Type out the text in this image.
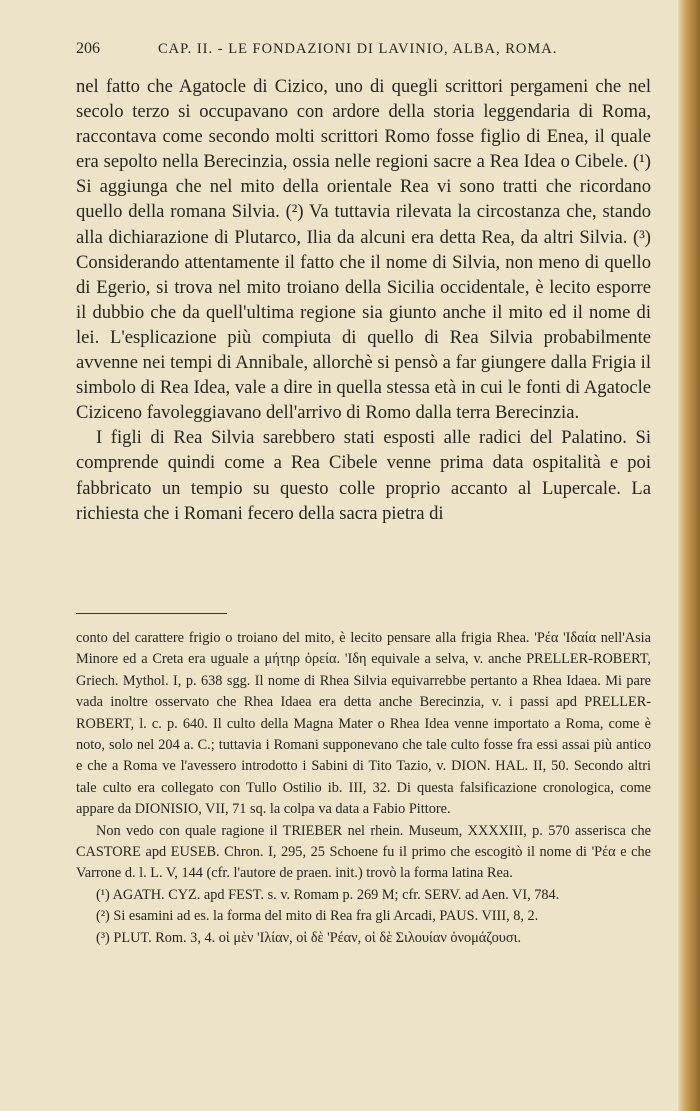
206	CAP. II. - LE FONDAZIONI DI LAVINIO, ALBA, ROMA.

nel fatto che Agatocle di Cizico, uno di quegli scrittori pergameni che nel secolo terzo si occupavano con ardore della storia leggendaria di Roma, raccontava come secondo molti scrittori Romo fosse figlio di Enea, il quale era sepolto nella Berecinzia, ossia nelle regioni sacre a Rea Idea o Cibele. (¹) Si aggiunga che nel mito della orientale Rea vi sono tratti che ricordano quello della romana Silvia. (²) Va tuttavia rilevata la circostanza che, stando alla dichiarazione di Plutarco, Ilia da alcuni era detta Rea, da altri Silvia. (³) Considerando attentamente il fatto che il nome di Silvia, non meno di quello di Egerio, si trova nel mito troiano della Sicilia occidentale, è lecito esporre il dubbio che da quell'ultima regione sia giunto anche il mito ed il nome di lei. L'esplicazione più compiuta di quello di Rea Silvia probabilmente avvenne nei tempi di Annibale, allorchè si pensò a far giungere dalla Frigia il simbolo di Rea Idea, vale a dire in quella stessa età in cui le fonti di Agatocle Ciziceno favoleggiavano dell'arrivo di Romo dalla terra Berecinzia.

I figli di Rea Silvia sarebbero stati esposti alle radici del Palatino. Si comprende quindi come a Rea Cibele venne prima data ospitalità e poi fabbricato un tempio su questo colle proprio accanto al Lupercale. La richiesta che i Romani fecero della sacra pietra di

conto del carattere frigio o troiano del mito, è lecito pensare alla frigia Rhea. 'Ρέα 'Ιδαία nell'Asia Minore ed a Creta era uguale a μήτηρ ὀρεία. 'Ιδη equivale a selva, v. anche PRELLER-ROBERT, Griech. Mythol. I, p. 638 sgg. Il nome di Rhea Silvia equivarrebbe pertanto a Rhea Idaea. Mi pare vada inoltre osservato che Rhea Idaea era detta anche Berecinzia, v. i passi apd PRELLER-ROBERT, l. c. p. 640. Il culto della Magna Mater o Rhea Idea venne importato a Roma, come è noto, solo nel 204 a. C.; tuttavia i Romani supponevano che tale culto fosse fra essi assai più antico e che a Roma ve l'avessero introdotto i Sabini di Tito Tazio, v. DION. HAL. II, 50. Secondo altri tale culto era collegato con Tullo Ostilio ib. III, 32. Di questa falsificazione cronologica, come appare da DIONISIO, VII, 71 sq. la colpa va data a Fabio Pittore.

Non vedo con quale ragione il TRIEBER nel rhein. Museum, XXXXIII, p. 570 asserisca che CASTORE apd EUSEB. Chron. I, 295, 25 Schoene fu il primo che escogitò il nome di 'Ρέα e che Varrone d. l. L. V, 144 (cfr. l'autore de praen. init.) trovò la forma latina Rea.

(¹) AGATH. CYZ. apd FEST. s. v. Romam p. 269 M; cfr. SERV. ad Aen. VI, 784.

(²) Si esamini ad es. la forma del mito di Rea fra gli Arcadi, PAUS. VIII, 8, 2.

(³) PLUT. Rom. 3, 4. οἱ μὲν 'Ιλίαν, οἱ δὲ 'Ρέαν, οἱ δὲ Σιλουίαν ὀνομάζουσι.
